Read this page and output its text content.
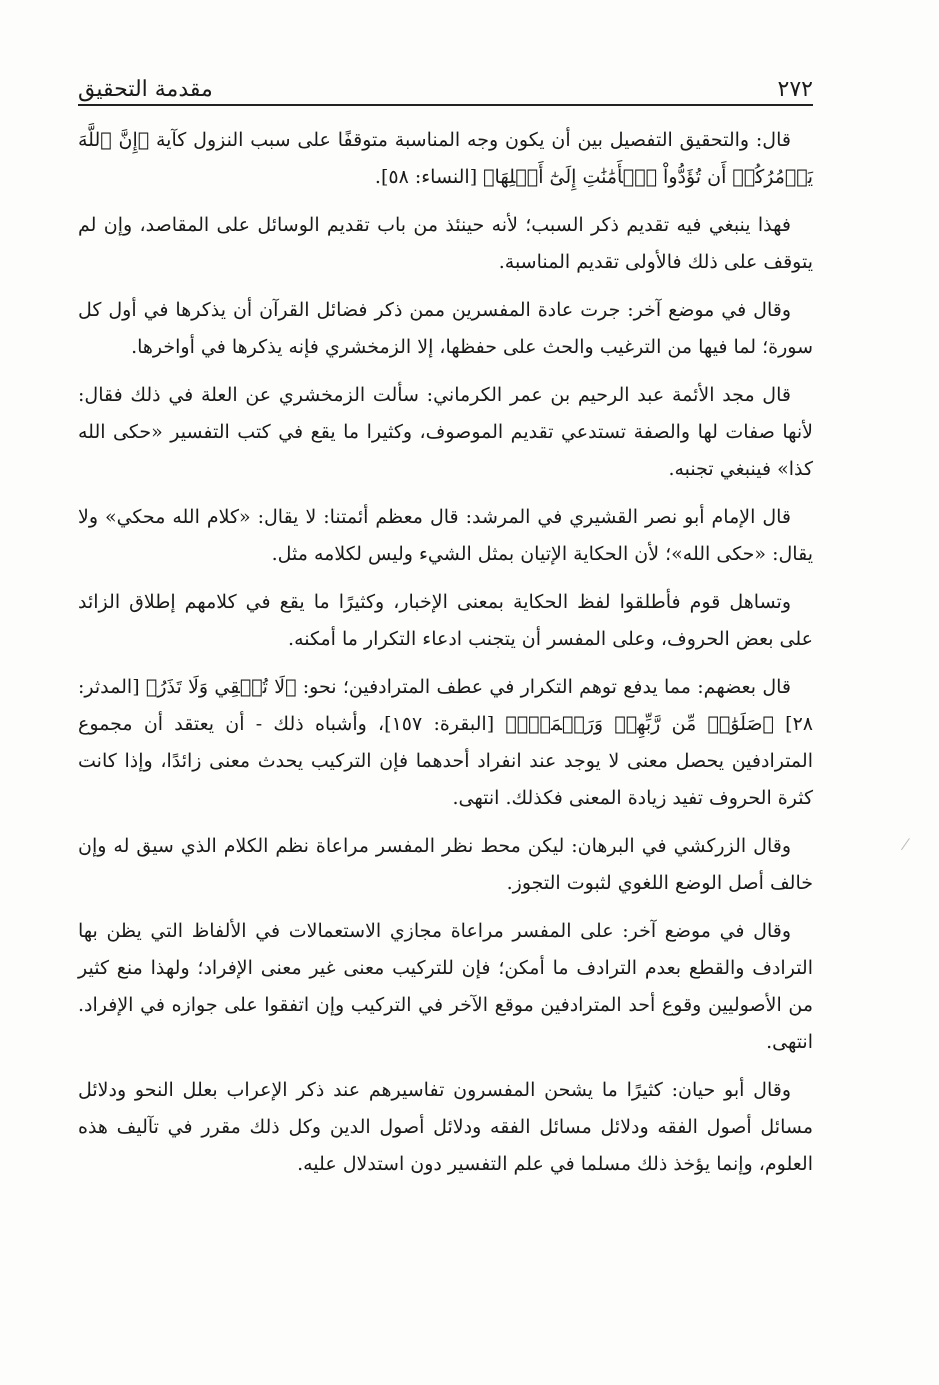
٢٧٢
مقدمة التحقيق

قال: والتحقيق التفصيل بين أن يكون وجه المناسبة متوقفًا على سبب النزول كآية ﴿إِنَّ ٱللَّهَ يَأۡمُرُكُمۡ أَن تُؤَدُّواْ ٱلۡأَمَٰنَٰتِ إِلَىٰٓ أَهۡلِهَا﴾ [النساء: ٥٨].

فهذا ينبغي فيه تقديم ذكر السبب؛ لأنه حينئذ من باب تقديم الوسائل على المقاصد، وإن لم يتوقف على ذلك فالأولى تقديم المناسبة.

وقال في موضع آخر: جرت عادة المفسرين ممن ذكر فضائل القرآن أن يذكرها في أول كل سورة؛ لما فيها من الترغيب والحث على حفظها، إلا الزمخشري فإنه يذكرها في أواخرها.

قال مجد الأئمة عبد الرحيم بن عمر الكرماني: سألت الزمخشري عن العلة في ذلك فقال: لأنها صفات لها والصفة تستدعي تقديم الموصوف، وكثيرا ما يقع في كتب التفسير «حكى الله كذا» فينبغي تجنبه.

قال الإمام أبو نصر القشيري في المرشد: قال معظم أئمتنا: لا يقال: «كلام الله محكي» ولا يقال: «حكى الله»؛ لأن الحكاية الإتيان بمثل الشيء وليس لكلامه مثل.

وتساهل قوم فأطلقوا لفظ الحكاية بمعنى الإخبار، وكثيرًا ما يقع في كلامهم إطلاق الزائد على بعض الحروف، وعلى المفسر أن يتجنب ادعاء التكرار ما أمكنه.

قال بعضهم: مما يدفع توهم التكرار في عطف المترادفين؛ نحو: ﴿لَا تُبۡقِي وَلَا تَذَرُ﴾ [المدثر: ٢٨] ﴿صَلَوَٰتٞ مِّن رَّبِّهِمۡ وَرَحۡمَةٞۖ﴾ [البقرة: ١٥٧]، وأشباه ذلك - أن يعتقد أن مجموع المترادفين يحصل معنى لا يوجد عند انفراد أحدهما فإن التركيب يحدث معنى زائدًا، وإذا كانت كثرة الحروف تفيد زيادة المعنى فكذلك. انتهى.

وقال الزركشي في البرهان: ليكن محط نظر المفسر مراعاة نظم الكلام الذي سيق له وإن خالف أصل الوضع اللغوي لثبوت التجوز.

وقال في موضع آخر: على المفسر مراعاة مجازي الاستعمالات في الألفاظ التي يظن بها الترادف والقطع بعدم الترادف ما أمكن؛ فإن للتركيب معنى غير معنى الإفراد؛ ولهذا منع كثير من الأصوليين وقوع أحد المترادفين موقع الآخر في التركيب وإن اتفقوا على جوازه في الإفراد. انتهى.

وقال أبو حيان: كثيرًا ما يشحن المفسرون تفاسيرهم عند ذكر الإعراب بعلل النحو ودلائل مسائل أصول الفقه ودلائل مسائل الفقه ودلائل أصول الدين وكل ذلك مقرر في تآليف هذه العلوم، وإنما يؤخذ ذلك مسلما في علم التفسير دون استدلال عليه.
